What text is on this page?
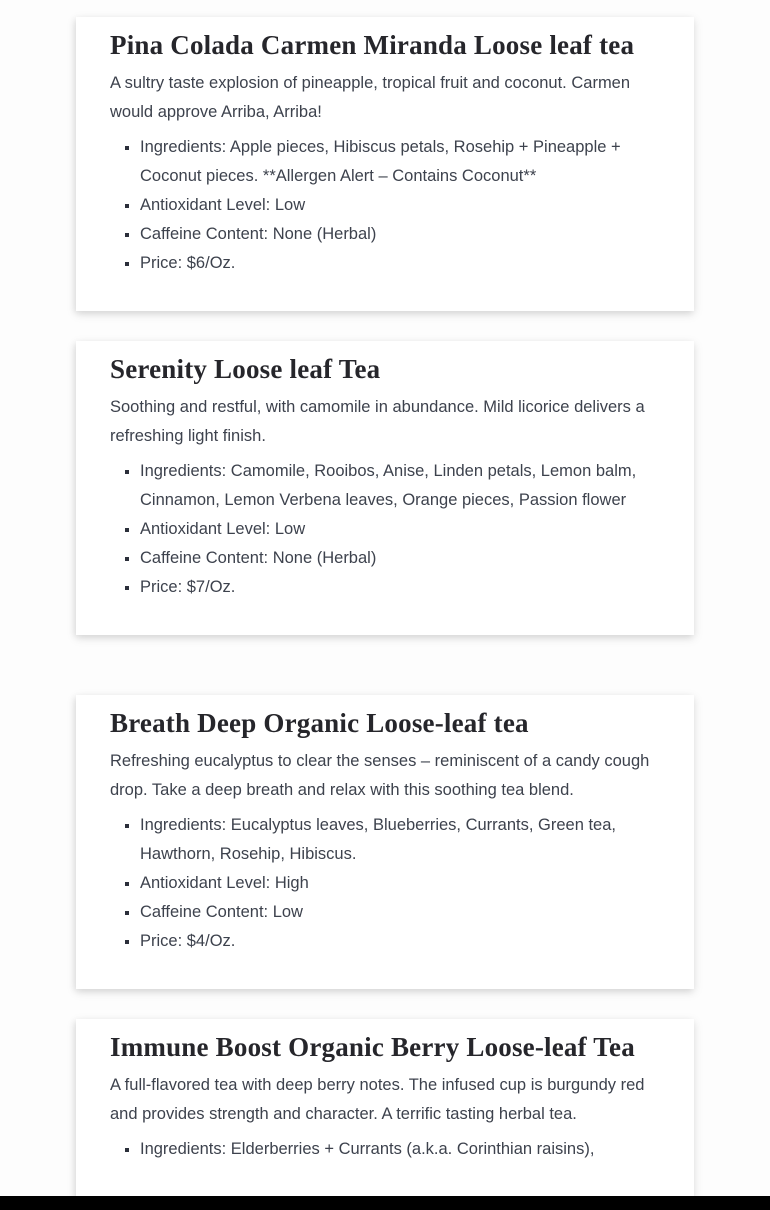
Pina Colada Carmen Miranda Loose leaf tea

A sultry taste explosion of pineapple, tropical fruit and coconut. Carmen would approve Arriba, Arriba!

▪ Ingredients: Apple pieces, Hibiscus petals, Rosehip + Pineapple + Coconut pieces. **Allergen Alert – Contains Coconut**
▪ Antioxidant Level: Low
▪ Caffeine Content: None (Herbal)
▪ Price: $6/Oz.
Serenity Loose leaf Tea

Soothing and restful, with camomile in abundance. Mild licorice delivers a refreshing light finish.

▪ Ingredients: Camomile, Rooibos, Anise, Linden petals, Lemon balm, Cinnamon, Lemon Verbena leaves, Orange pieces, Passion flower
▪ Antioxidant Level: Low
▪ Caffeine Content: None (Herbal)
▪ Price: $7/Oz.
Breath Deep Organic Loose-leaf tea

Refreshing eucalyptus to clear the senses – reminiscent of a candy cough drop. Take a deep breath and relax with this soothing tea blend.

▪ Ingredients: Eucalyptus leaves, Blueberries, Currants, Green tea, Hawthorn, Rosehip, Hibiscus.
▪ Antioxidant Level: High
▪ Caffeine Content: Low
▪ Price: $4/Oz.
Immune Boost Organic Berry Loose-leaf Tea

A full-flavored tea with deep berry notes. The infused cup is burgundy red and provides strength and character. A terrific tasting herbal tea.

▪ Ingredients: Elderberries + Currants (a.k.a. Corinthian raisins),
